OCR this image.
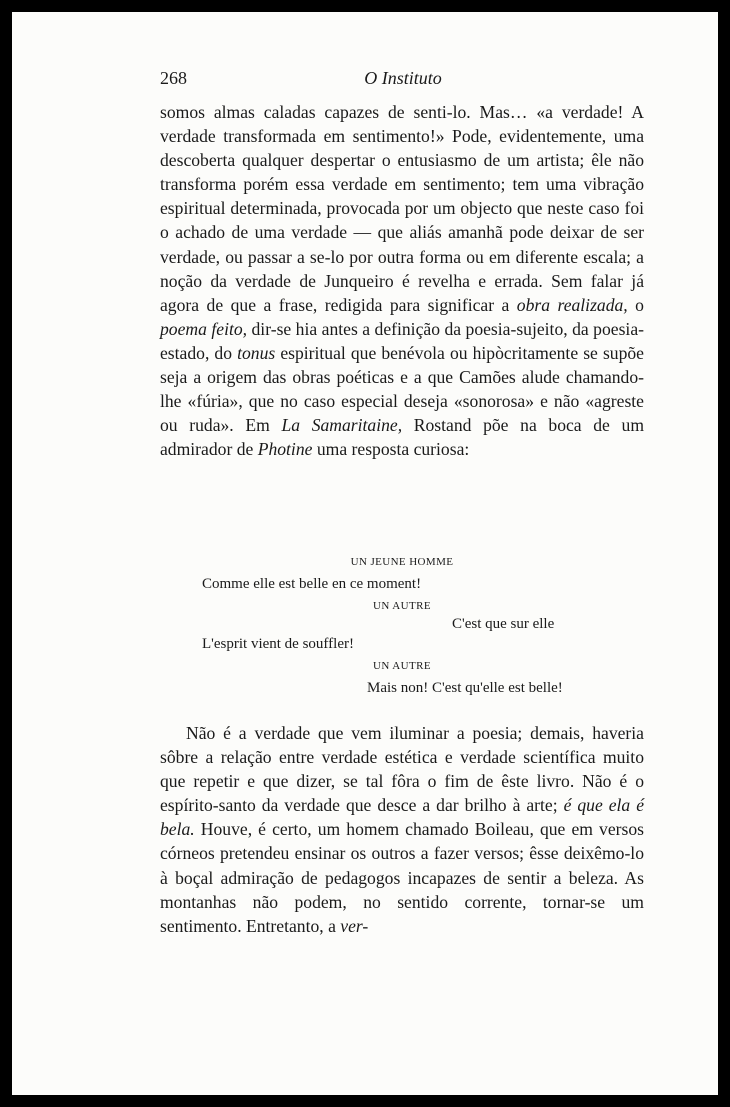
268	O Instituto

somos almas caladas capazes de senti-lo. Mas… «a verdade! A verdade transformada em sentimento!» Pode, evidentemente, uma descoberta qualquer despertar o entusiasmo de um artista; êle não transforma porém essa verdade em sentimento; tem uma vibração espiritual determinada, provocada por um objecto que neste caso foi o achado de uma verdade — que aliás amanhã pode deixar de ser verdade, ou passar a se-lo por outra forma ou em diferente escala; a noção da verdade de Junqueiro é revelha e errada. Sem falar já agora de que a frase, redigida para significar a obra realizada, o poema feito, dir-se hia antes a definição da poesia-sujeito, da poesia-estado, do tonus espiritual que benévola ou hipòcritamente se supõe seja a origem das obras poéticas e a que Camões alude chamando-lhe «fúria», que no caso especial deseja «sonorosa» e não «agreste ou ruda». Em La Samaritaine, Rostand põe na boca de um admirador de Photine uma resposta curiosa:

UN JEUNE HOMME
Comme elle est belle en ce moment!
UN AUTRE
C'est que sur elle
L'esprit vient de souffler!
UN AUTRE
Mais non! C'est qu'elle est belle!

Não é a verdade que vem iluminar a poesia; demais, haveria sôbre a relação entre verdade estética e verdade scientífica muito que repetir e que dizer, se tal fôra o fim de êste livro. Não é o espírito-santo da verdade que desce a dar brilho à arte; é que ela é bela. Houve, é certo, um homem chamado Boileau, que em versos córneos pretendeu ensinar os outros a fazer versos; êsse deixêmo-lo à boçal admiração de pedagogos incapazes de sentir a beleza. As montanhas não podem, no sentido corrente, tornar-se um sentimento. Entretanto, a ver-
